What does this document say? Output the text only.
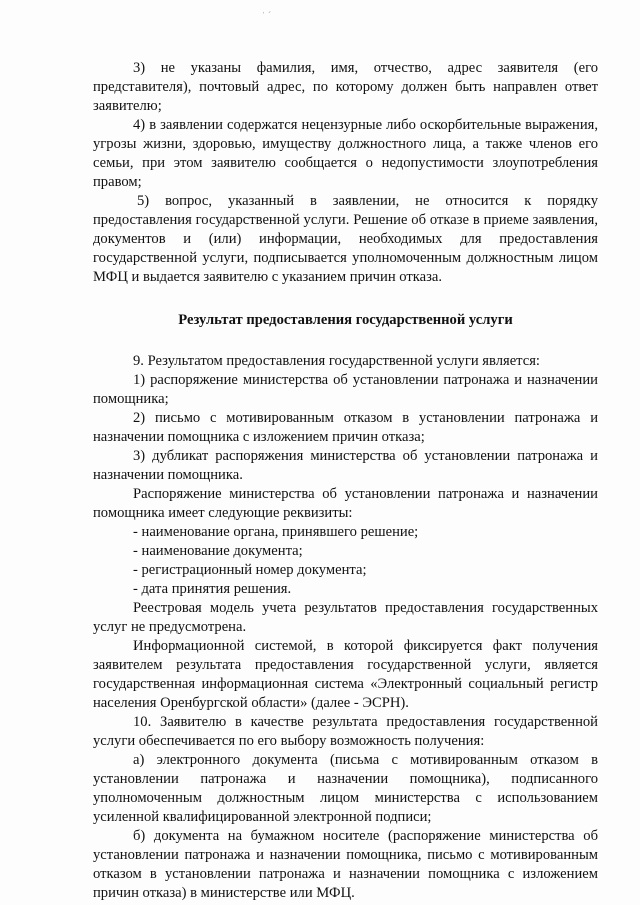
ˈ ˊ

3) не указаны фамилия, имя, отчество, адрес заявителя (его представителя), почтовый адрес, по которому должен быть направлен ответ заявителю;

4) в заявлении содержатся нецензурные либо оскорбительные выражения, угрозы жизни, здоровью, имуществу должностного лица, а также членов его семьи, при этом заявителю сообщается о недопустимости злоупотребления правом;

5) вопрос, указанный в заявлении, не относится к порядку предоставления государственной услуги. Решение об отказе в приеме заявления, документов и (или) информации, необходимых для предоставления государственной услуги, подписывается уполномоченным должностным лицом МФЦ и выдается заявителю с указанием причин отказа.

Результат предоставления государственной услуги

9. Результатом предоставления государственной услуги является:

1) распоряжение министерства об установлении патронажа и назначении помощника;

2) письмо с мотивированным отказом в установлении патронажа и назначении помощника с изложением причин отказа;

3) дубликат распоряжения министерства об установлении патронажа и назначении помощника.

Распоряжение министерства об установлении патронажа и назначении помощника имеет следующие реквизиты:

- наименование органа, принявшего решение;

- наименование документа;

- регистрационный номер документа;

- дата принятия решения.

Реестровая модель учета результатов предоставления государственных услуг не предусмотрена.

Информационной системой, в которой фиксируется факт получения заявителем результата предоставления государственной услуги, является государственная информационная система «Электронный социальный регистр населения Оренбургской области» (далее - ЭСРН).

10. Заявителю в качестве результата предоставления государственной услуги обеспечивается по его выбору возможность получения:

а) электронного документа (письма с мотивированным отказом в установлении патронажа и назначении помощника), подписанного уполномоченным должностным лицом министерства с использованием усиленной квалифицированной электронной подписи;

б) документа на бумажном носителе (распоряжение министерства об установлении патронажа и назначении помощника, письмо с мотивированным отказом в установлении патронажа и назначении помощника с изложением причин отказа) в министерстве или МФЦ.
